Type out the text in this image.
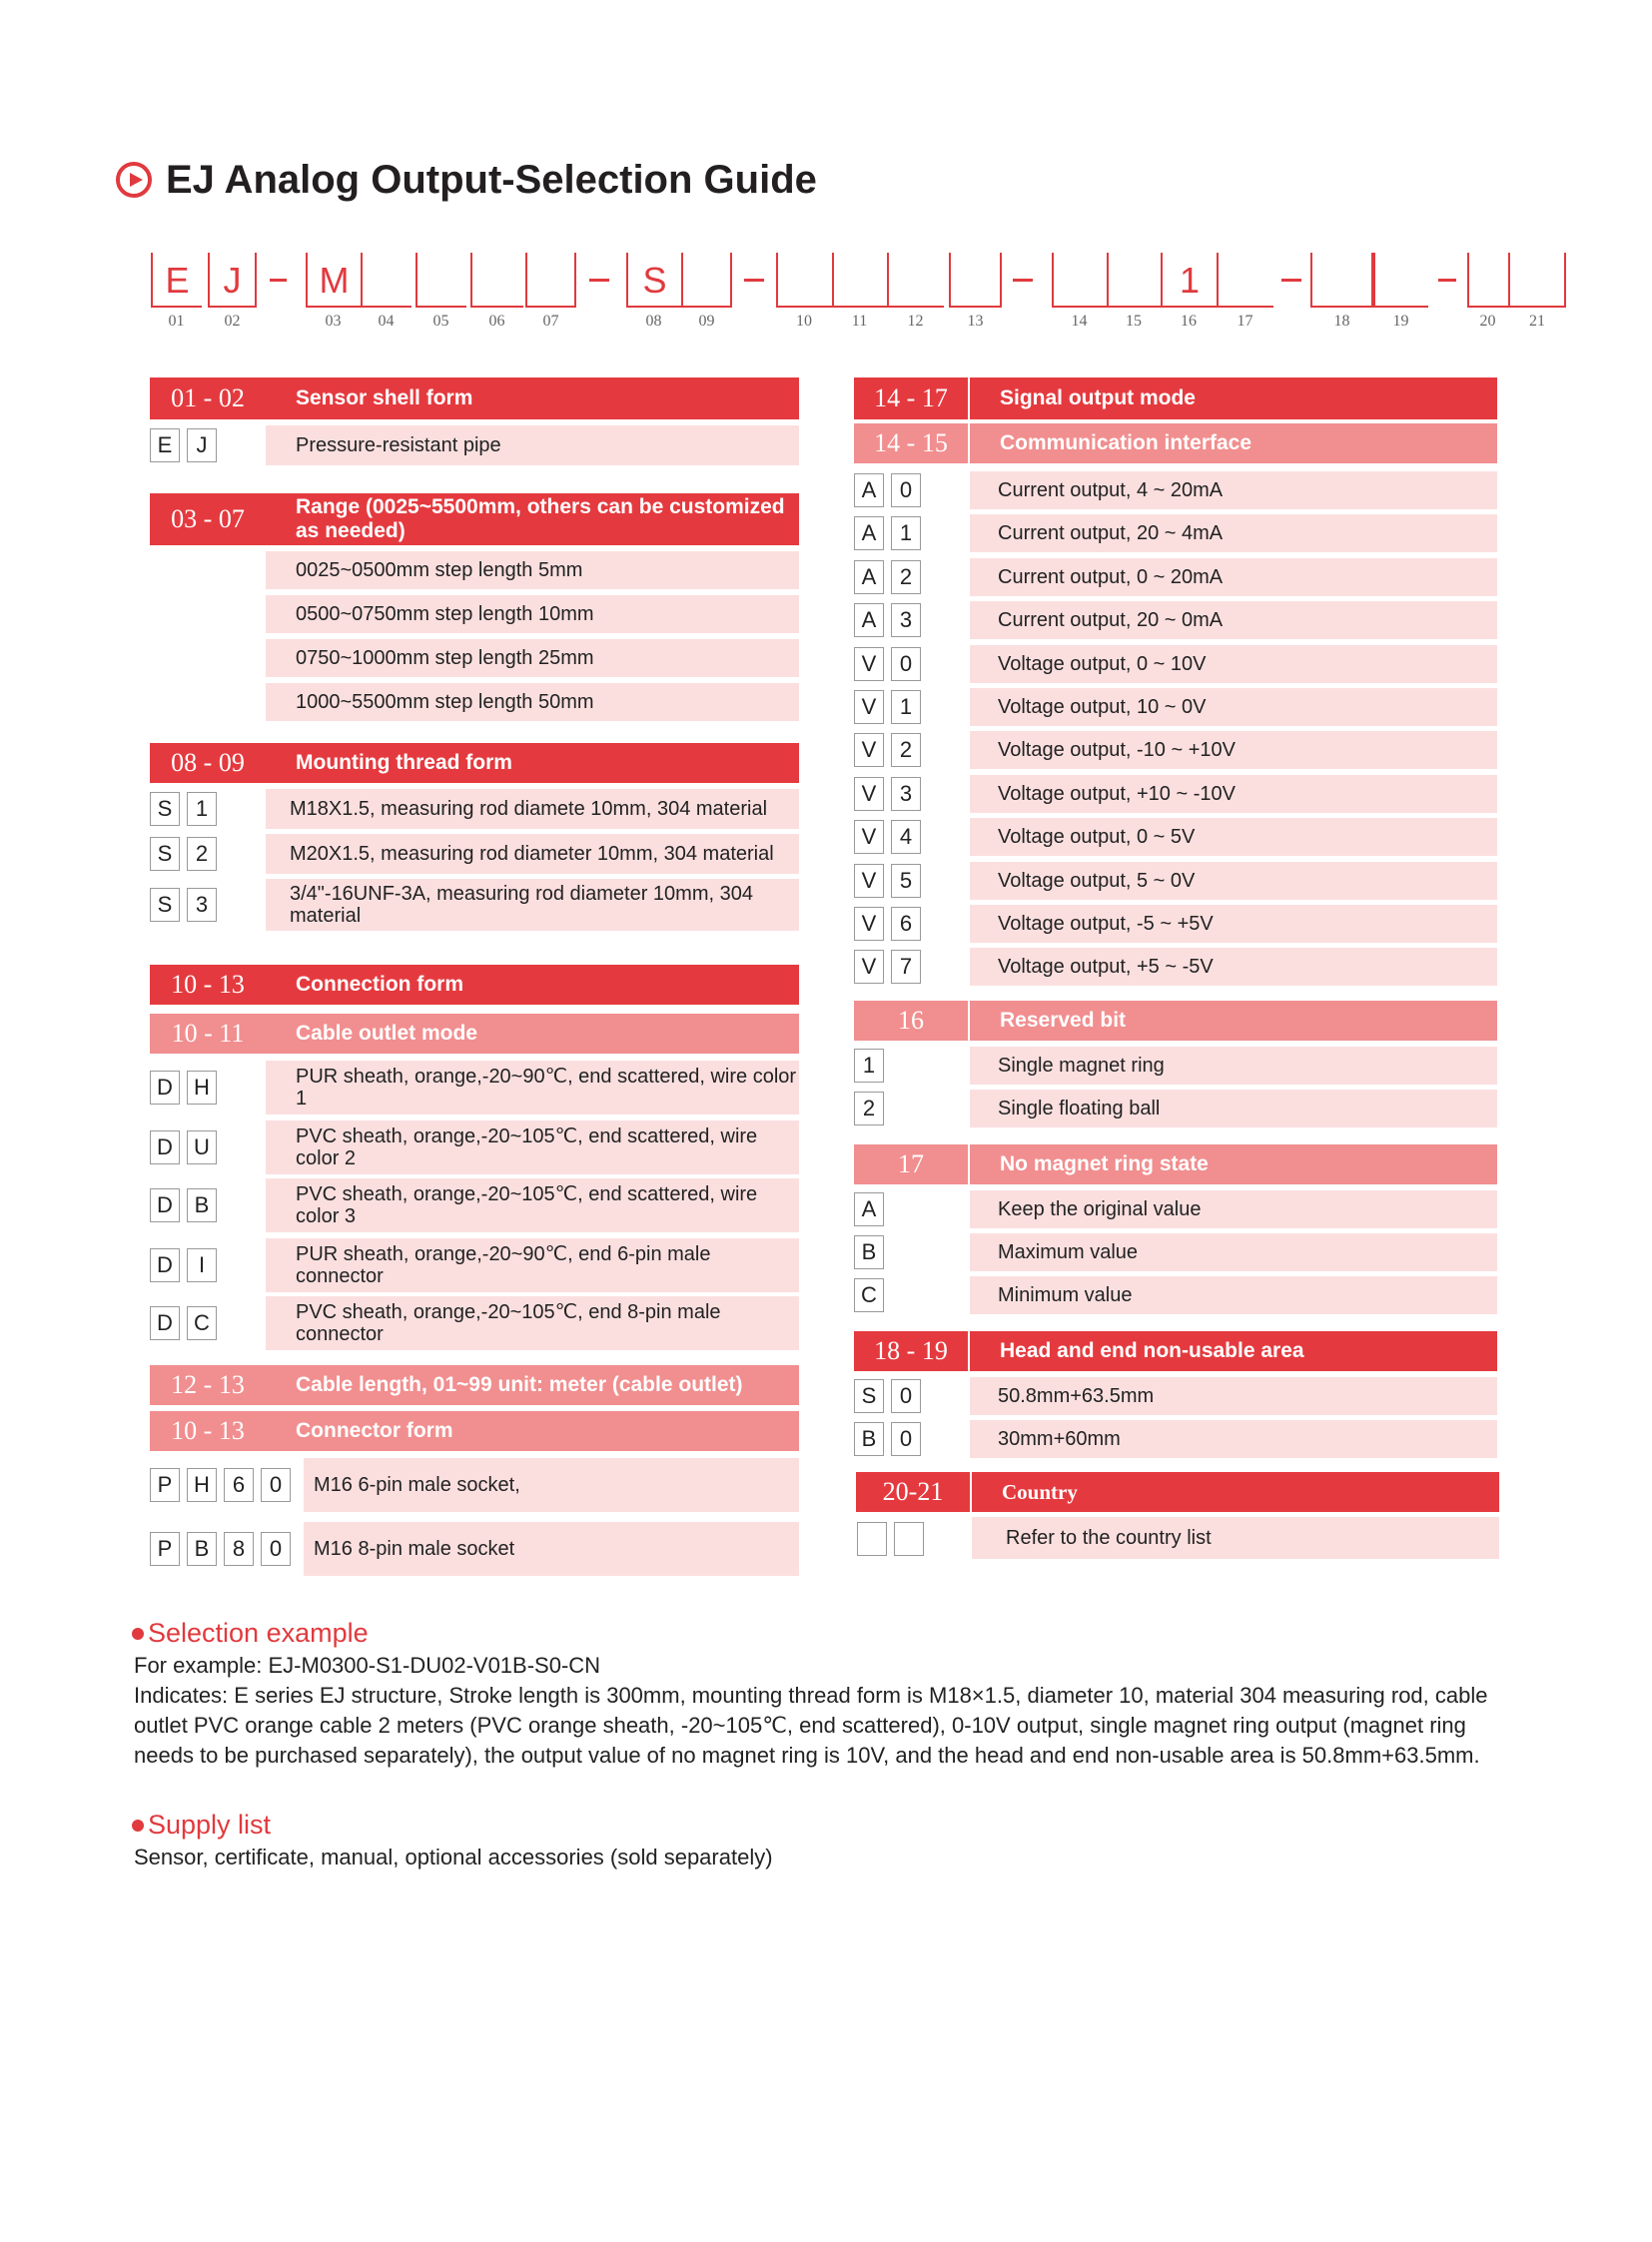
EJ Analog Output-Selection Guide
E
01
J
02
M
03	04	05	06	07
S
08	09	10	11	12	13	14	15
1
16	17	18	19	20	21
01 - 02	Sensor shell form
E	J	Pressure-resistant pipe
03 - 07	Range (0025~5500mm, others can be customized as needed)
0025~0500mm step length 5mm
0500~0750mm step length 10mm
0750~1000mm step length 25mm
1000~5500mm step length 50mm
08 - 09	Mounting thread form
S	1	M18X1.5, measuring rod diamete 10mm, 304 material
S	2	M20X1.5, measuring rod diameter 10mm, 304 material
S	3	3/4"-16UNF-3A, measuring rod diameter 10mm, 304 material
10 - 13	Connection form
10 - 11	Cable outlet mode
D H	PUR sheath, orange,-20~90℃, end scattered, wire color 1
D U	PVC sheath, orange,-20~105℃, end scattered, wire color 2
D B	PVC sheath, orange,-20~105℃, end scattered, wire color 3
D	I	PUR sheath, orange,-20~90℃, end 6-pin male connector
D C	PVC sheath, orange,-20~105℃, end 8-pin male connector
12 - 13	Cable length, 01~99 unit: meter (cable outlet)
10 - 13	Connector form
P H	6	0	M16 6-pin male socket,
P	B	8	0	M16 8-pin male socket
14 - 17	Signal output mode
14 - 15	Communication interface
A	0	Current output, 4 ~ 20mA
A	1	Current output, 20 ~ 4mA
A	2	Current output, 0 ~ 20mA
A	3	Current output, 20 ~ 0mA
V	0	Voltage output, 0 ~ 10V
V	1	Voltage output, 10 ~ 0V
V	2	Voltage output, -10 ~ +10V
V	3	Voltage output, +10 ~ -10V
V	4	Voltage output, 0 ~ 5V
V	5	Voltage output, 5 ~ 0V
V	6	Voltage output, -5 ~ +5V
V	7	Voltage output, +5 ~ -5V
16	Reserved bit
1	Single magnet ring
2	Single floating ball
17	No magnet ring state
A	Keep the original value
B	Maximum value
C	Minimum value
18 - 19	Head and end non-usable area
S	0	50.8mm+63.5mm
B	0	30mm+60mm
20-21	Country
Refer to the country list
Selection example
For example: EJ-M0300-S1-DU02-V01B-S0-CN
Indicates: E series EJ structure, Stroke length is 300mm, mounting thread form is M18×1.5, diameter 10, material 304 measuring rod, cable
outlet PVC orange cable 2 meters (PVC orange sheath, -20~105℃, end scattered), 0-10V output, single magnet ring output (magnet ring
needs to be purchased separately), the output value of no magnet ring is 10V, and the head and end non-usable area is 50.8mm+63.5mm.
Supply list
Sensor, certificate, manual, optional accessories (sold separately)
